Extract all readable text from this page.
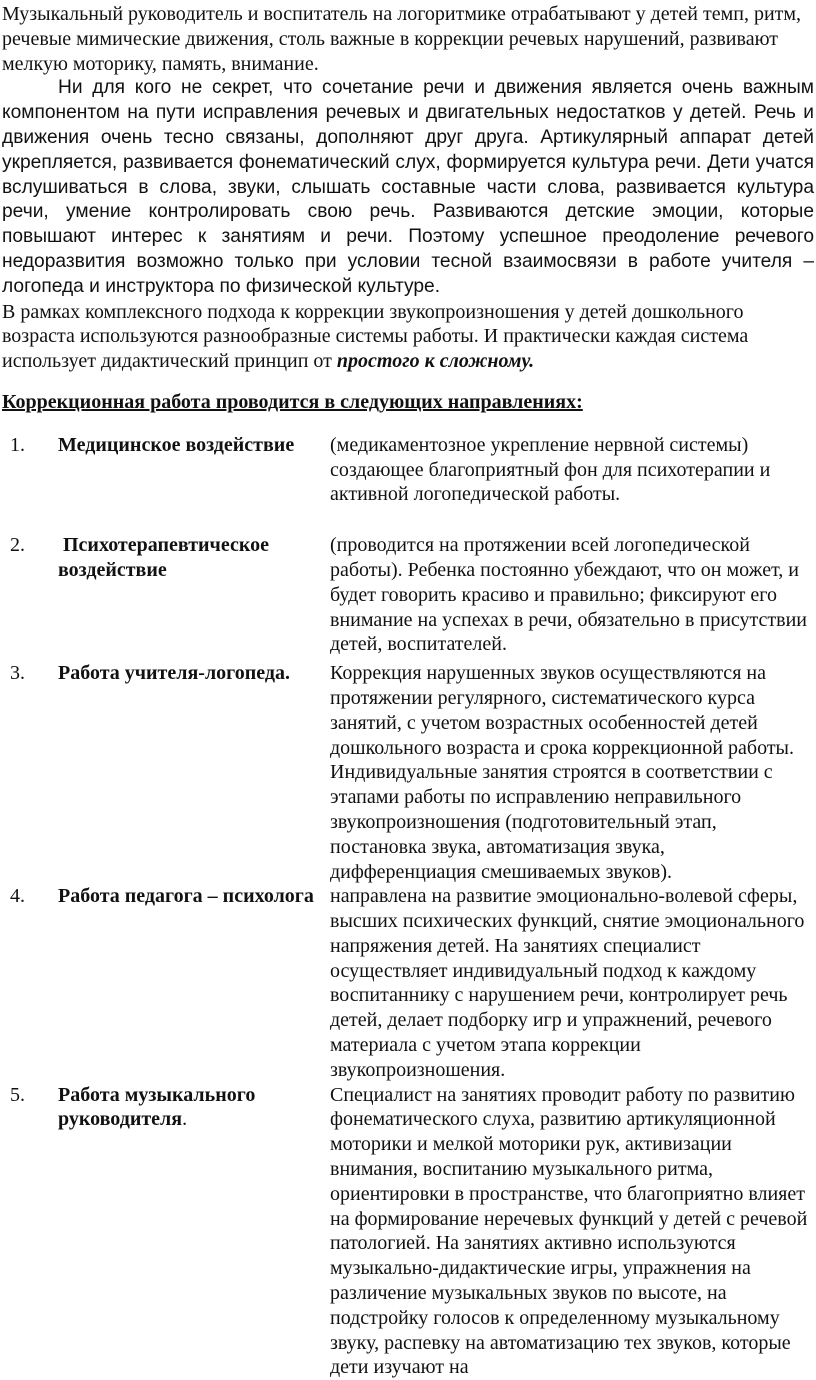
Музыкальный руководитель и воспитатель на логоритмике отрабатывают у детей темп, ритм, речевые мимические движения, столь важные в коррекции речевых нарушений, развивают мелкую моторику, память, внимание.

Ни для кого не секрет, что сочетание речи и движения является очень важным компонентом на пути исправления речевых и двигательных недостатков у детей. Речь и движения очень тесно связаны, дополняют друг друга. Артикулярный аппарат детей укрепляется, развивается фонематический слух, формируется культура речи. Дети учатся вслушиваться в слова, звуки, слышать составные части слова, развивается культура речи, умение контролировать свою речь. Развиваются детские эмоции, которые повышают интерес к занятиям и речи. Поэтому успешное преодоление речевого недоразвития возможно только при условии тесной взаимосвязи в работе учителя – логопеда и инструктора по физической культуре.

В рамках комплексного подхода к коррекции звукопроизношения у детей дошкольного возраста используются разнообразные системы работы. И практически каждая система использует дидактический принцип от простого к сложному.

Коррекционная работа проводится в следующих направлениях:

1.	Медицинское воздействие	(медикаментозное укрепление нервной системы) создающее благоприятный фон для психотерапии и активной логопедической работы.
2.	Психотерапевтическое воздействие	(проводится на протяжении всей логопедической работы). Ребенка постоянно убеждают, что он может, и будет говорить красиво и правильно; фиксируют его внимание на успехах в речи, обязательно в присутствии детей, воспитателей.
3.	Работа учителя-логопеда.	Коррекция нарушенных звуков осуществляются на протяжении регулярного, систематического курса занятий, с учетом возрастных особенностей детей дошкольного возраста и срока коррекционной работы. Индивидуальные занятия строятся в соответствии с этапами работы по исправлению неправильного звукопроизношения (подготовительный этап, постановка звука, автоматизация звука, дифференциация смешиваемых звуков).
4.	Работа педагога – психолога	направлена на развитие эмоционально-волевой сферы, высших психических функций, снятие эмоционального напряжения детей. На занятиях специалист осуществляет индивидуальный подход к каждому воспитаннику с нарушением речи, контролирует речь детей, делает подборку игр и упражнений, речевого материала с учетом этапа коррекции звукопроизношения.
5.	Работа музыкального руководителя.	Специалист на занятиях проводит работу по развитию фонематического слуха, развитию артикуляционной моторики и мелкой моторики рук, активизации внимания, воспитанию музыкального ритма, ориентировки в пространстве, что благоприятно влияет на формирование неречевых функций у детей с речевой патологией. На занятиях активно используются музыкально-дидактические игры, упражнения на различение музыкальных звуков по высоте, на подстройку голосов к определенному музыкальному звуку, распевку на автоматизацию тех звуков, которые дети изучают на
